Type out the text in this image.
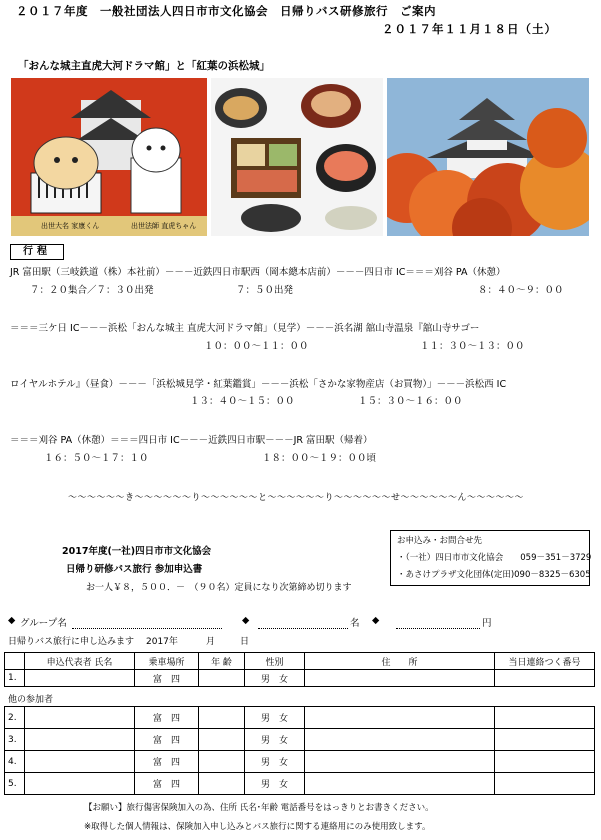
２０１７年度　一般社団法人四日市市文化協会　日帰りバス研修旅行　ご案内
２０１７年１１月１８日（土）
「おんな城主直虎大河ドラマ館」と「紅葉の浜松城」
出世大名 家康くん	出世法師 直虎ちゃん
行程
JR 富田駅（三岐鉄道（株）本社前）－－－近鉄四日市駅西（岡本總本店前）－－－四日市 IC＝＝＝刈谷 PA（休憩）
７：２０集合／７：３０出発	７：５０出発	８：４０～９：００
＝＝＝三ケ日 IC－－－浜松「おんな城主 直虎大河ドラマ館」（見学）－－－浜名湖 舘山寺温泉『舘山寺サゴー
１０：００～１１：００	１１：３０～１３：００
ロイヤルホテル』（昼食）－－－「浜松城見学・紅葉鑑賞」－－－浜松「さかな家物産店（お買物）」－－－浜松西 IC
１３：４０～１５：００	１５：３０～１６：００
＝＝＝刈谷 PA（休憩）＝＝＝四日市 IC－－－近鉄四日市駅－－－JR 富田駅（帰着）
１６：５０～１７：１０	１８：００～１９：００頃
～～～～～～き～～～～～～り～～～～～～と～～～～～～り～～～～～～せ～～～～～～ん～～～～～～
2017年度(一社)四日市市文化協会
日帰り研修バス旅行 参加申込書
お一人￥８，５００．－　（９０名）定員になり次第締め切ります
お申込み・お問合せ先
・（一社）四日市市文化協会　　059－351－3729
・あさけプラザ文化団体(定田)090－8325－6305
◆ グループ名	◆	名 ◆	円
日帰りバス旅行に申し込みます 2017年	月	日
	申込代表者 氏名	乗車場所	年 齢	性別	住　　所	当日連絡つく番号
1.		富　四		男　女		
他の参加者
2.		富　四		男　女		
3.		富　四		男　女		
4.		富　四		男　女		
5.		富　四		男　女		
【お願い】旅行傷害保険加入の為、住所 氏名･年齢 電話番号をはっきりとお書きください。
※取得した個人情報は、保険加入申し込みとバス旅行に関する連絡用にのみ使用致します。
